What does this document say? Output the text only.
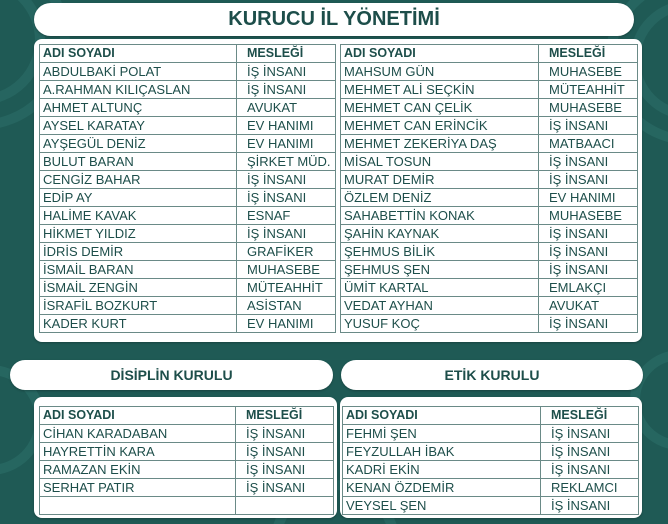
KURUCU İL YÖNETİMİ
ADI SOYADI	MESLEĞİ
ABDULBAKİ POLAT	İŞ İNSANI
A.RAHMAN KILIÇASLAN	İŞ İNSANI
AHMET ALTUNÇ	AVUKAT
AYSEL KARATAY	EV HANIMI
AYŞEGÜL DENİZ	EV HANIMI
BULUT BARAN	ŞİRKET MÜD.
CENGİZ BAHAR	İŞ İNSANI
EDİP AY	İŞ İNSANI
HALİME KAVAK	ESNAF
HİKMET YILDIZ	İŞ İNSANI
İDRİS DEMİR	GRAFİKER
İSMAİL BARAN	MUHASEBE
İSMAİL ZENGİN	MÜTEAHHİT
İSRAFİL BOZKURT	ASİSTAN
KADER KURT	EV HANIMI
ADI SOYADI	MESLEĞİ
MAHSUM GÜN	MUHASEBE
MEHMET ALİ SEÇKİN	MÜTEAHHİT
MEHMET CAN ÇELİK	MUHASEBE
MEHMET CAN ERİNCİK	İŞ İNSANI
MEHMET ZEKERİYA DAŞ	MATBAACI
MİSAL TOSUN	İŞ İNSANI
MURAT DEMİR	İŞ İNSANI
ÖZLEM DENİZ	EV HANIMI
SAHABETTİN KONAK	MUHASEBE
ŞAHİN KAYNAK	İŞ İNSANI
ŞEHMUS BİLİK	İŞ İNSANI
ŞEHMUS ŞEN	İŞ İNSANI
ÜMİT KARTAL	EMLAKÇI
VEDAT AYHAN	AVUKAT
YUSUF KOÇ	İŞ İNSANI
DİSİPLİN KURULU
ADI SOYADI	MESLEĞİ
CİHAN KARADABAN	İŞ İNSANI
HAYRETTİN KARA	İŞ İNSANI
RAMAZAN EKİN	İŞ İNSANI
SERHAT PATIR	İŞ İNSANI

ETİK KURULU
ADI SOYADI	MESLEĞİ
FEHMİ ŞEN	İŞ İNSANI
FEYZULLAH İBAK	İŞ İNSANI
KADRİ EKİN	İŞ İNSANI
KENAN ÖZDEMİR	REKLAMCI
VEYSEL ŞEN	İŞ İNSANI
